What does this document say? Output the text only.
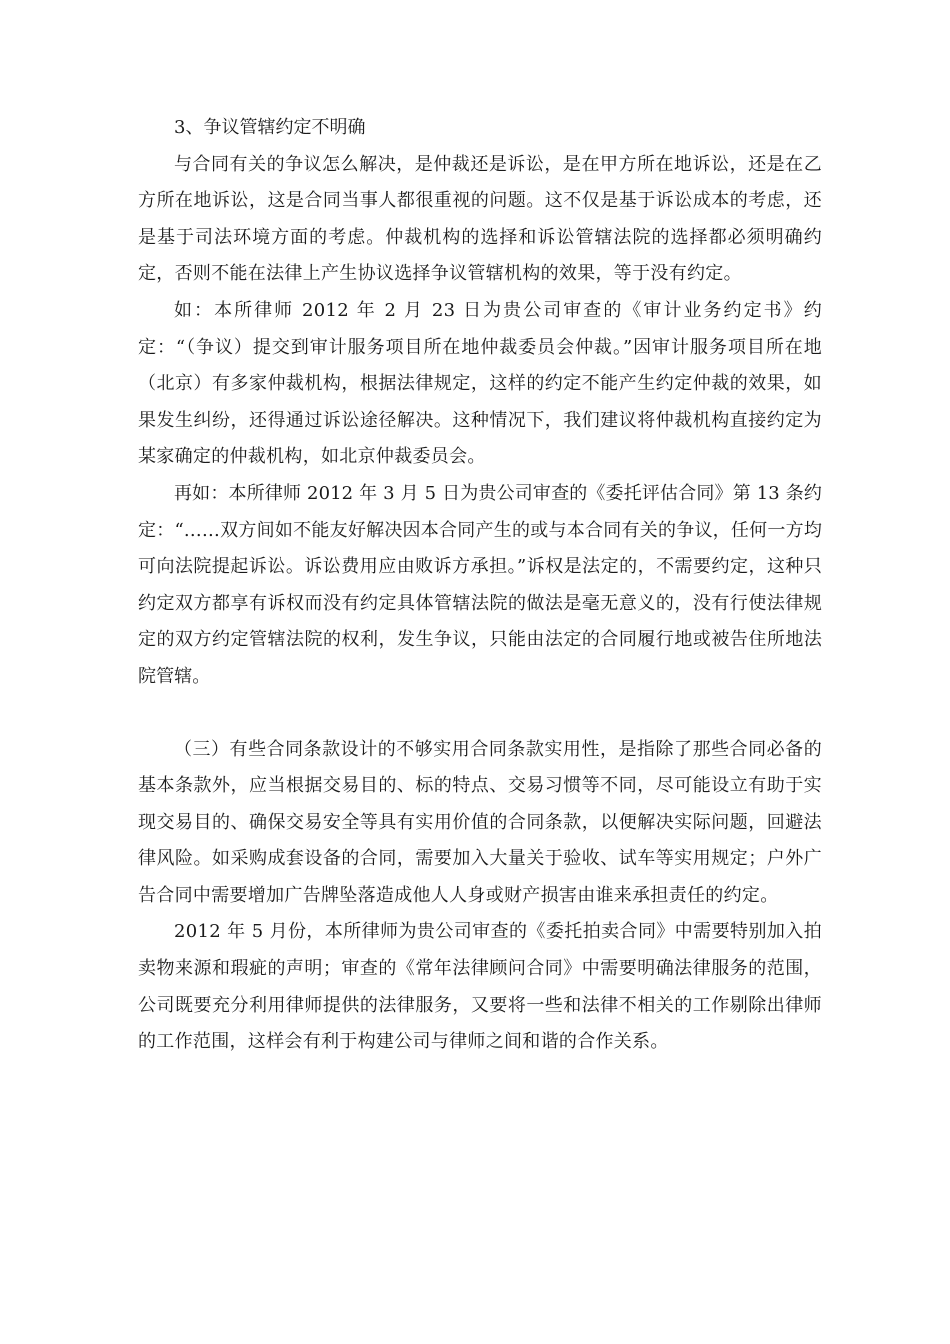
3、争议管辖约定不明确

与合同有关的争议怎么解决，是仲裁还是诉讼，是在甲方所在地诉讼，还是在乙方所在地诉讼，这是合同当事人都很重视的问题。这不仅是基于诉讼成本的考虑，还是基于司法环境方面的考虑。仲裁机构的选择和诉讼管辖法院的选择都必须明确约定，否则不能在法律上产生协议选择争议管辖机构的效果，等于没有约定。

如：本所律师 2012 年 2 月 23 日为贵公司审查的《审计业务约定书》约定：“（争议）提交到审计服务项目所在地仲裁委员会仲裁。”因审计服务项目所在地（北京）有多家仲裁机构，根据法律规定，这样的约定不能产生约定仲裁的效果，如果发生纠纷，还得通过诉讼途径解决。这种情况下，我们建议将仲裁机构直接约定为某家确定的仲裁机构，如北京仲裁委员会。

再如：本所律师 2012 年 3 月 5 日为贵公司审查的《委托评估合同》第 13 条约定：“……双方间如不能友好解决因本合同产生的或与本合同有关的争议，任何一方均可向法院提起诉讼。诉讼费用应由败诉方承担。”诉权是法定的，不需要约定，这种只约定双方都享有诉权而没有约定具体管辖法院的做法是毫无意义的，没有行使法律规定的双方约定管辖法院的权利，发生争议，只能由法定的合同履行地或被告住所地法院管辖。

（三）有些合同条款设计的不够实用合同条款实用性，是指除了那些合同必备的基本条款外，应当根据交易目的、标的特点、交易习惯等不同，尽可能设立有助于实现交易目的、确保交易安全等具有实用价值的合同条款，以便解决实际问题，回避法律风险。如采购成套设备的合同，需要加入大量关于验收、试车等实用规定；户外广告合同中需要增加广告牌坠落造成他人人身或财产损害由谁来承担责任的约定。

2012 年 5 月份，本所律师为贵公司审查的《委托拍卖合同》中需要特别加入拍卖物来源和瑕疵的声明；审查的《常年法律顾问合同》中需要明确法律服务的范围，公司既要充分利用律师提供的法律服务，又要将一些和法律不相关的工作剔除出律师的工作范围，这样会有利于构建公司与律师之间和谐的合作关系。
